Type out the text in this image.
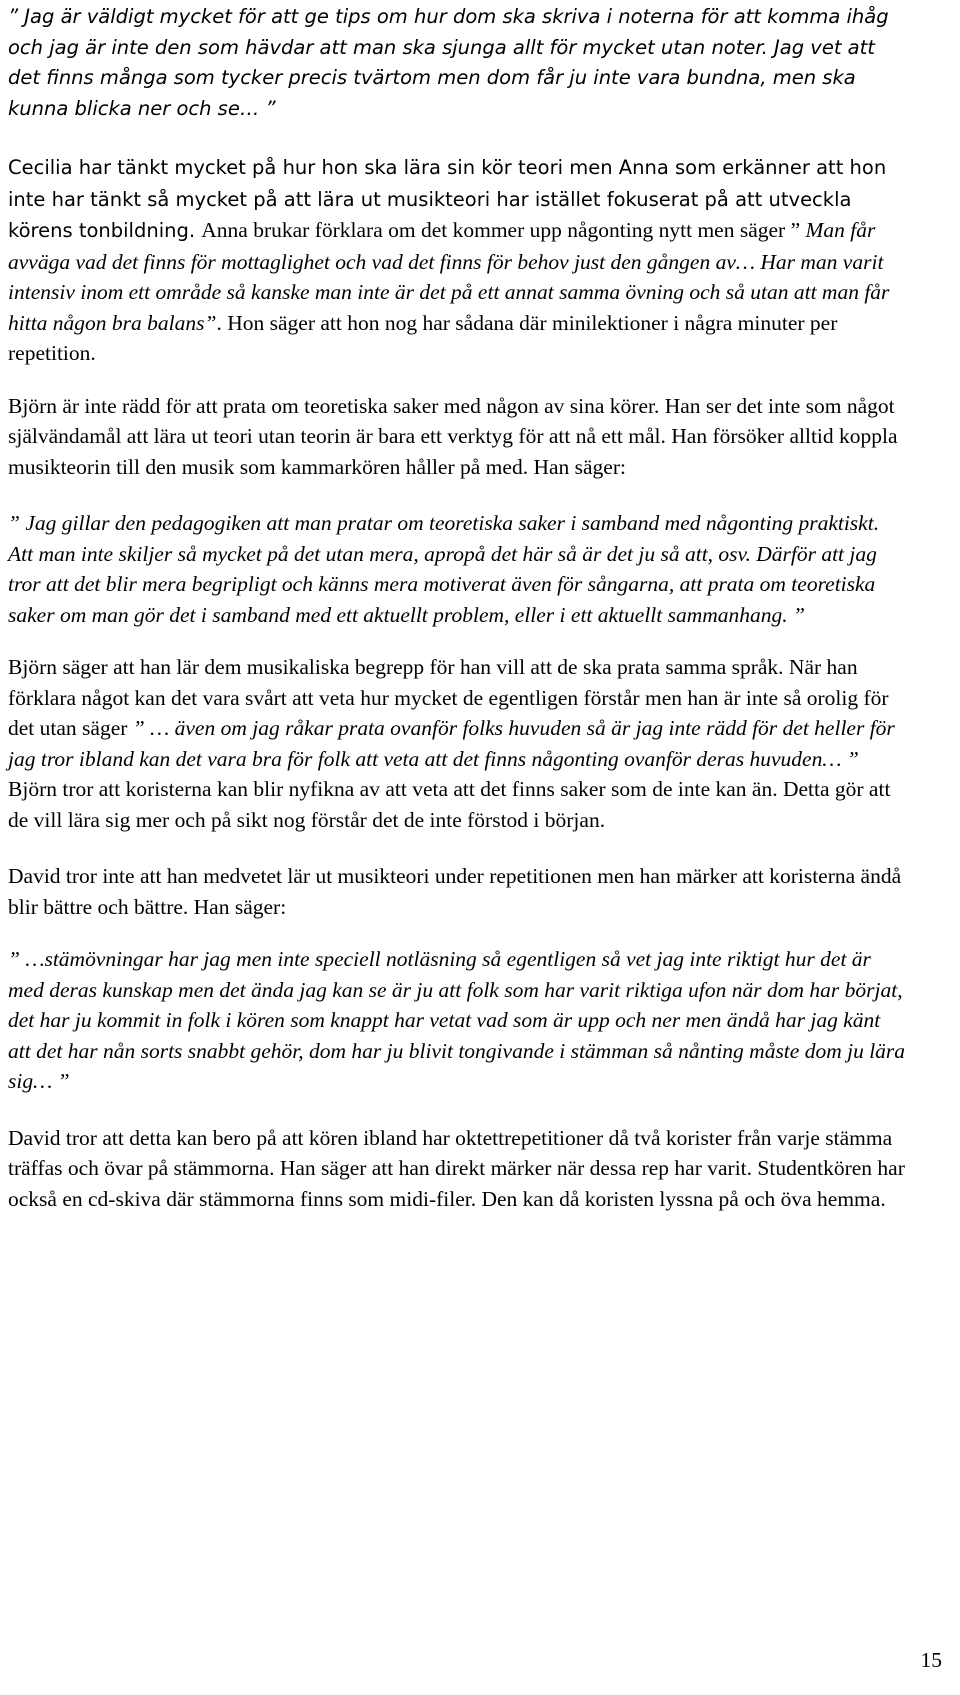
” Jag är väldigt mycket för att ge tips om hur dom ska skriva i noterna för att komma ihåg och jag är inte den som hävdar att man ska sjunga allt för mycket utan noter. Jag vet att det finns många som tycker precis tvärtom men dom får ju inte vara bundna, men ska kunna blicka ner och se… ”

Cecilia har tänkt mycket på hur hon ska lära sin kör teori men Anna som erkänner att hon inte har tänkt så mycket på att lära ut musikteori har istället fokuserat på att utveckla körens tonbildning. Anna brukar förklara om det kommer upp någonting nytt men säger ” Man får avväga vad det finns för mottaglighet och vad det finns för behov just den gången av… Har man varit intensiv inom ett område så kanske man inte är det på ett annat samma övning och så utan att man får hitta någon bra balans”. Hon säger att hon nog har sådana där minilektioner i några minuter per repetition.

Björn är inte rädd för att prata om teoretiska saker med någon av sina körer. Han ser det inte som något självändamål att lära ut teori utan teorin är bara ett verktyg för att nå ett mål. Han försöker alltid koppla musikteorin till den musik som kammarkören håller på med. Han säger:

” Jag gillar den pedagogiken att man pratar om teoretiska saker i samband med någonting praktiskt. Att man inte skiljer så mycket på det utan mera, apropå det här så är det ju så att, osv. Därför att jag tror att det blir mera begripligt och känns mera motiverat även för sångarna, att prata om teoretiska saker om man gör det i samband med ett aktuellt problem, eller i ett aktuellt sammanhang. ”

Björn säger att han lär dem musikaliska begrepp för han vill att de ska prata samma språk. När han förklara något kan det vara svårt att veta hur mycket de egentligen förstår men han är inte så orolig för det utan säger ” … även om jag råkar prata ovanför folks huvuden så är jag inte rädd för det heller för jag tror ibland kan det vara bra för folk att veta att det finns någonting ovanför deras huvuden… ” Björn tror att koristerna kan blir nyfikna av att veta att det finns saker som de inte kan än. Detta gör att de vill lära sig mer och på sikt nog förstår det de inte förstod i början.

David tror inte att han medvetet lär ut musikteori under repetitionen men han märker att koristerna ändå blir bättre och bättre. Han säger:

” …stämövningar har jag men inte speciell notläsning så egentligen så vet jag inte riktigt hur det är med deras kunskap men det ända jag kan se är ju att folk som har varit riktiga ufon när dom har börjat, det har ju kommit in folk i kören som knappt har vetat vad som är upp och ner men ändå har jag känt att det har nån sorts snabbt gehör, dom har ju blivit tongivande i stämman så nånting måste dom ju lära sig… ”

David tror att detta kan bero på att kören ibland har oktettrepetitioner då två korister från varje stämma träffas och övar på stämmorna. Han säger att han direkt märker när dessa rep har varit. Studentkören har också en cd-skiva där stämmorna finns som midi-filer. Den kan då koristen lyssna på och öva hemma.

15
